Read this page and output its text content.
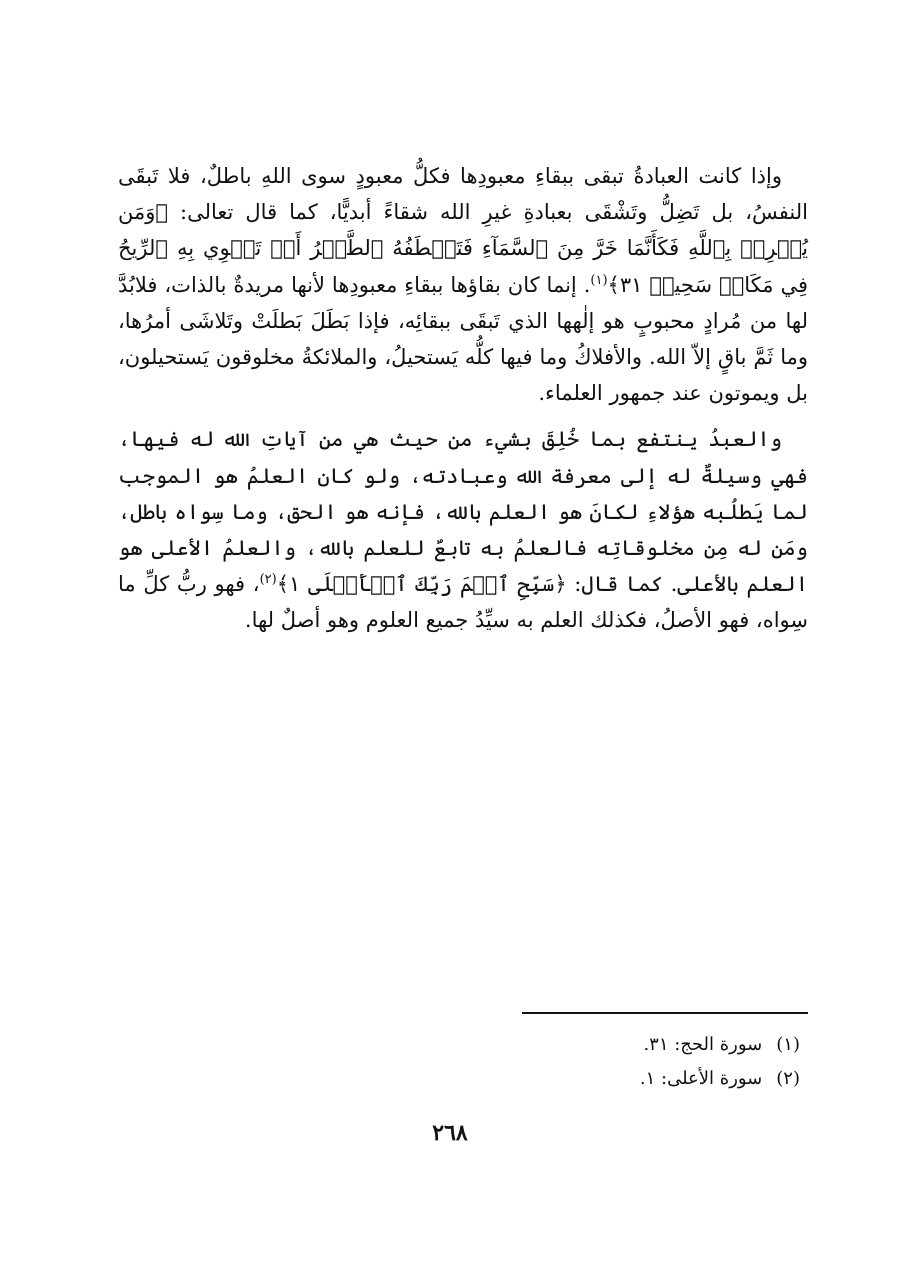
وإذا كانت العبادةُ تبقى ببقاءِ معبودِها فكلُّ معبودٍ سوى اللهِ باطلٌ، فلا تَبقَى النفسُ، بل تَضِلُّ وتَشْقَى بعبادةِ غيرِ الله شقاءً أبديًّا، كما قال تعالى: ﴿وَمَن يُشۡرِكۡ بِٱللَّهِ فَكَأَنَّمَا خَرَّ مِنَ ٱلسَّمَآءِ فَتَخۡطَفُهُ ٱلطَّيۡرُ أَوۡ تَهۡوِي بِهِ ٱلرِّيحُ فِي مَكَانٖ سَحِيقٖ ٣١﴾$^{(١)}$. إنما كان بقاؤها ببقاءِ معبودِها لأنها مريدةٌ بالذات، فلابُدَّ لها من مُرادٍ محبوبٍ هو إلٰهها الذي تَبقَى ببقائِه، فإذا بَطَلَ بَطلَتْ وتَلاشَى أمرُها، وما ثَمَّ باقٍ إلاّ الله. والأفلاكُ وما فيها كلُّه يَستحيلُ، والملائكةُ مخلوقون يَستحيلون، بل ويموتون عند جمهور العلماء.

والعبدُ ينتفع بما خُلِقَ بشيء من حيث هي من آياتِ الله له فيها، فهي وسيلةٌ له إلى معرفة الله وعبادته، ولو كان العلمُ هو الموجب لما يَطلُبه هؤلاءِ لكانَ هو العلم بالله، فإنه هو الحق، وما سِواه باطل، ومَن له مِن مخلوقاتِه فالعلمُ به تابعٌ للعلم بالله، والعلمُ الأعلى هو العلم بالأعلى. كما قال: ﴿سَبِّحِ ٱسۡمَ رَبِّكَ ٱلۡأَعۡلَى ١﴾$^{(٢)}$، فهو ربُّ كلِّ ما سِواه، فهو الأصلُ، فكذلك العلم به سيِّدُ جميع العلوم وهو أصلٌ لها.

(١)سورة الحج: ٣١.
(٢)سورة الأعلى: ١.
٢٦٨
